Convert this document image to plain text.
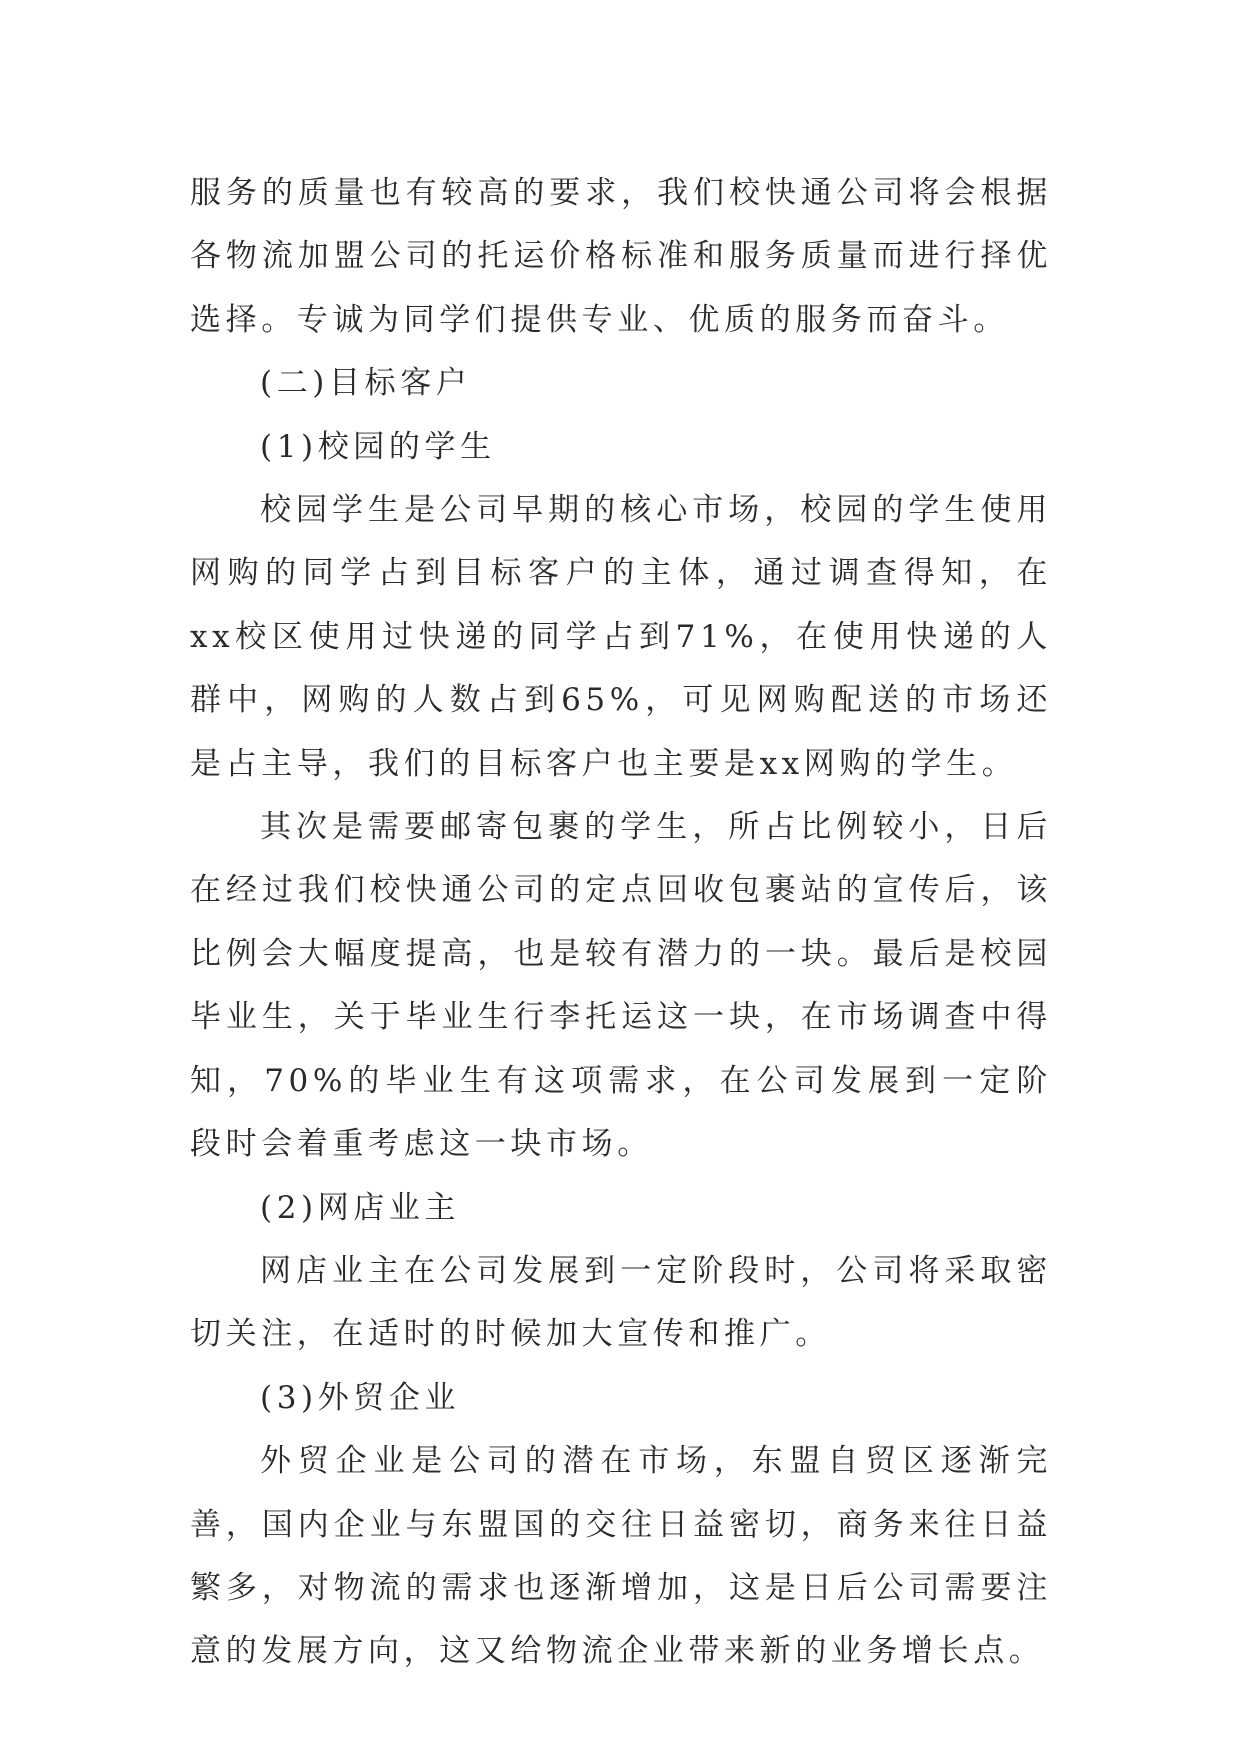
服务的质量也有较高的要求，我们校快通公司将会根据各物流加盟公司的托运价格标准和服务质量而进行择优选择。专诚为同学们提供专业、优质的服务而奋斗。

(二)目标客户
(1)校园的学生

校园学生是公司早期的核心市场，校园的学生使用网购的同学占到目标客户的主体，通过调查得知，在xx校区使用过快递的同学占到71%，在使用快递的人群中，网购的人数占到65%，可见网购配送的市场还是占主导，我们的目标客户也主要是xx网购的学生。

其次是需要邮寄包裹的学生，所占比例较小，日后在经过我们校快通公司的定点回收包裹站的宣传后，该比例会大幅度提高，也是较有潜力的一块。最后是校园毕业生，关于毕业生行李托运这一块，在市场调查中得知，70%的毕业生有这项需求，在公司发展到一定阶段时会着重考虑这一块市场。

(2)网店业主

网店业主在公司发展到一定阶段时，公司将采取密切关注，在适时的时候加大宣传和推广。

(3)外贸企业

外贸企业是公司的潜在市场，东盟自贸区逐渐完善，国内企业与东盟国的交往日益密切，商务来往日益繁多，对物流的需求也逐渐增加，这是日后公司需要注意的发展方向，这又给物流企业带来新的业务增长点。
